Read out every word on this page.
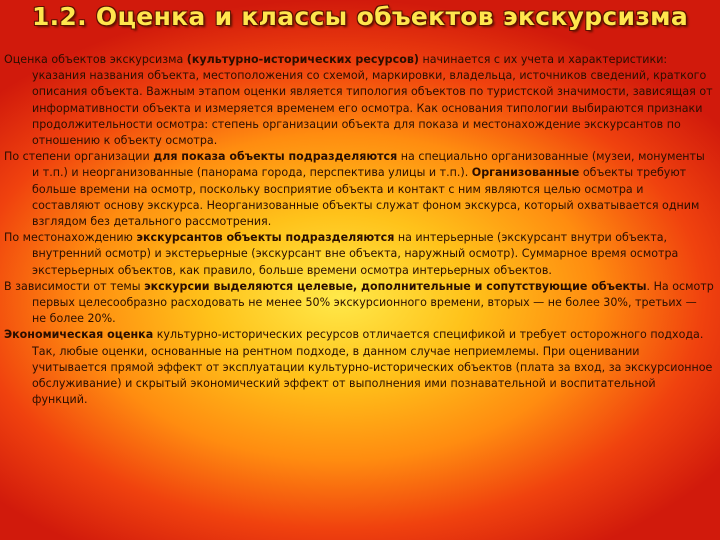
1.2. Оценка и классы объектов экскурсизма

Оценка объектов экскурсизма (культурно-исторических ресурсов) начинается с их учета и характеристики: указания названия объекта, местоположения со схемой, маркировки, владельца, источников сведений, краткого описания объекта. Важным этапом оценки является типология объектов по туристской значимости, зависящая от информативности объекта и измеряется временем его осмотра. Как основания типологии выбираются признаки продолжительности осмотра: степень организации объекта для показа и местонахождение экскурсантов по отношению к объекту осмотра.

По степени организации для показа объекты подразделяются на специально организованные (музеи, монументы и т.п.) и неорганизованные (панорама города, перспектива улицы и т.п.). Организованные объекты требуют больше времени на осмотр, поскольку восприятие объекта и контакт с ним являются целью осмотра и составляют основу экскурса. Неорганизованные объекты служат фоном экскурса, который охватывается одним взглядом без детального рассмотрения.

По местонахождению экскурсантов объекты подразделяются на интерьерные (экскурсант внутри объекта, внутренний осмотр) и экстерьерные (экскурсант вне объекта, наружный осмотр). Суммарное время осмотра экстерьерных объектов, как правило, больше времени осмотра интерьерных объектов.

В зависимости от темы экскурсии выделяются целевые, дополнительные и сопутствующие объекты. На осмотр первых целесообразно расходовать не менее 50% экскурсионного времени, вторых — не более 30%, третьих — не более 20%.

Экономическая оценка культурно-исторических ресурсов отличается спецификой и требует осторожного подхода. Так, любые оценки, основанные на рентном подходе, в данном случае неприемлемы. При оценивании учитывается прямой эффект от эксплуатации культурно-исторических объектов (плата за вход, за экскурсионное обслуживание) и скрытый экономический эффект от выполнения ими познавательной и воспитательной функций.
